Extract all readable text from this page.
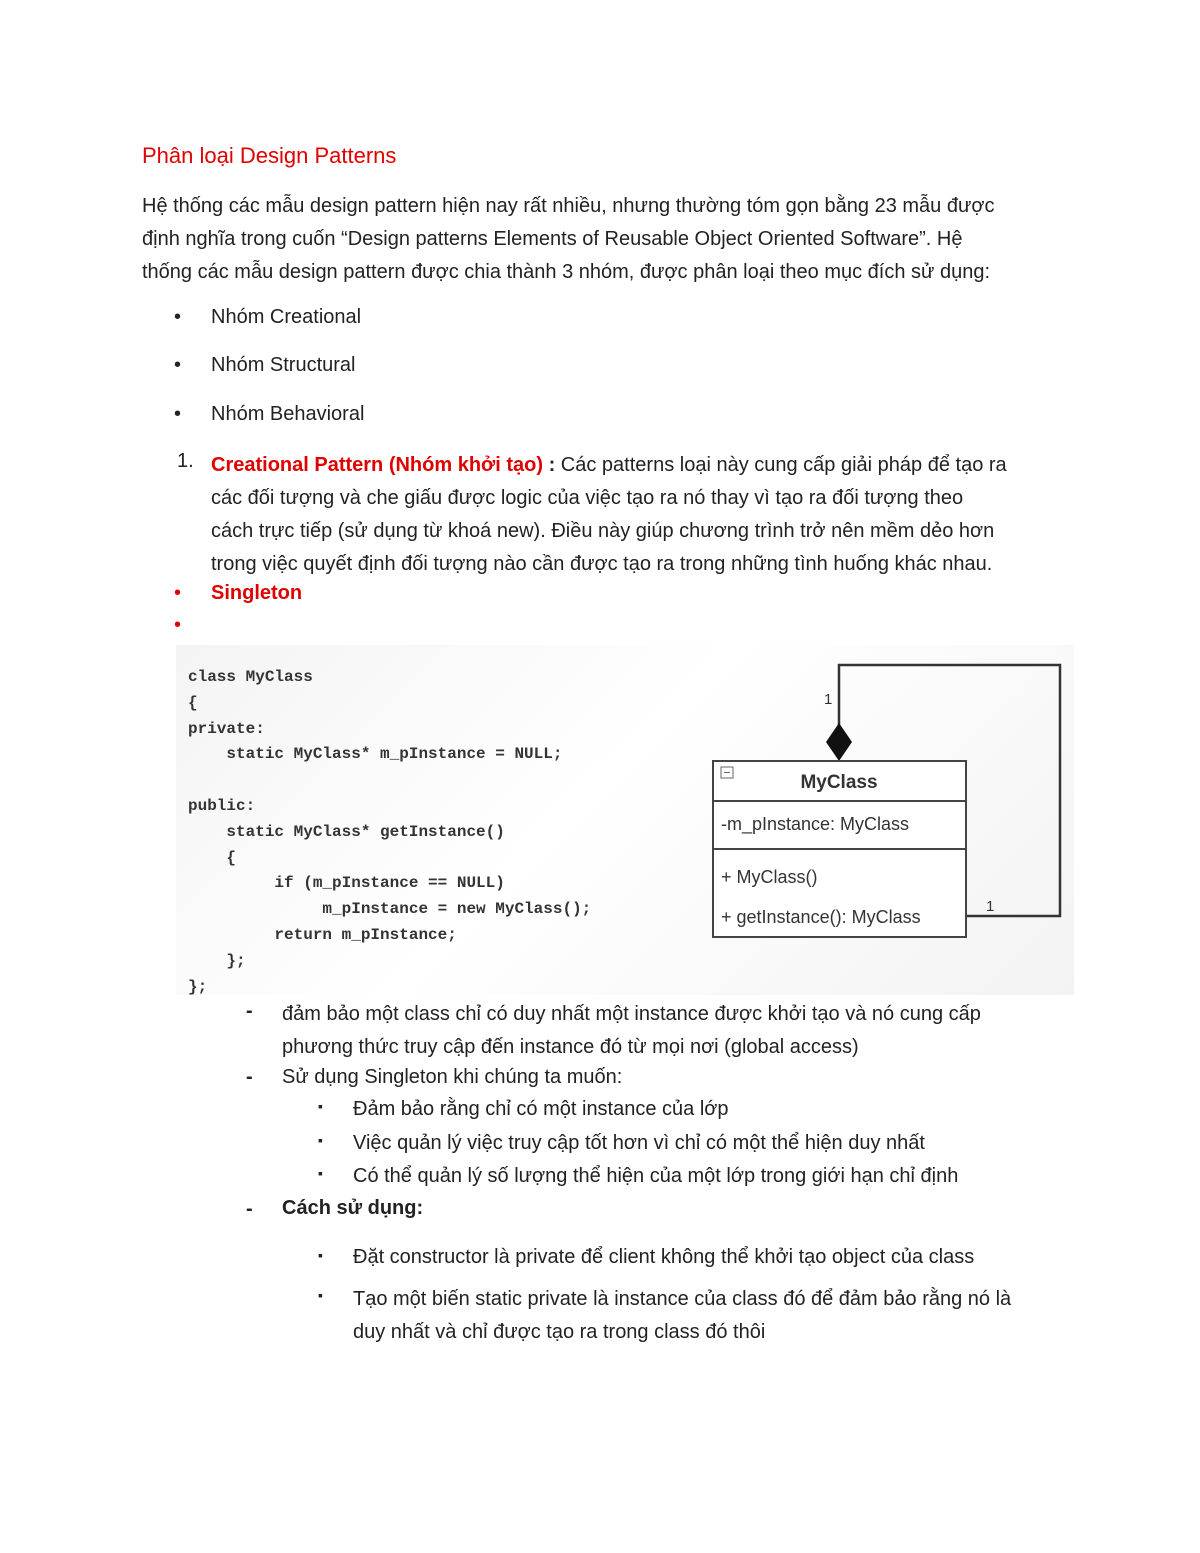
Phân loại Design Patterns
Hệ thống các mẫu design pattern hiện nay rất nhiều, nhưng thường tóm gọn bằng 23 mẫu được
định nghĩa trong cuốn “Design patterns Elements of Reusable Object Oriented Software”. Hệ
thống các mẫu design pattern được chia thành 3 nhóm, được phân loại theo mục đích sử dụng:
• Nhóm Creational
• Nhóm Structural
• Nhóm Behavioral
1. Creational Pattern (Nhóm khởi tạo) : Các patterns loại này cung cấp giải pháp để tạo ra
các đối tượng và che giấu được logic của việc tạo ra nó thay vì tạo ra đối tượng theo
cách trực tiếp (sử dụng từ khoá new). Điều này giúp chương trình trở nên mềm dẻo hơn
trong việc quyết định đối tượng nào cần được tạo ra trong những tình huống khác nhau.
• Singleton
•
class MyClass
{
private:
static MyClass* m_pInstance = NULL;

public:
static MyClass* getInstance()
{
if (m_pInstance == NULL)
m_pInstance = new MyClass();
return m_pInstance;
};
};
1
1
MyClass
-m_pInstance: MyClass
+ MyClass()
+ getInstance(): MyClass
- đảm bảo một class chỉ có duy nhất một instance được khởi tạo và nó cung cấp
phương thức truy cập đến instance đó từ mọi nơi (global access)
- Sử dụng Singleton khi chúng ta muốn:
▪ Đảm bảo rằng chỉ có một instance của lớp
▪ Việc quản lý việc truy cập tốt hơn vì chỉ có một thể hiện duy nhất
▪ Có thể quản lý số lượng thể hiện của một lớp trong giới hạn chỉ định
- Cách sử dụng:
▪ Đặt constructor là private để client không thể khởi tạo object của class
▪ Tạo một biến static private là instance của class đó để đảm bảo rằng nó là
duy nhất và chỉ được tạo ra trong class đó thôi
